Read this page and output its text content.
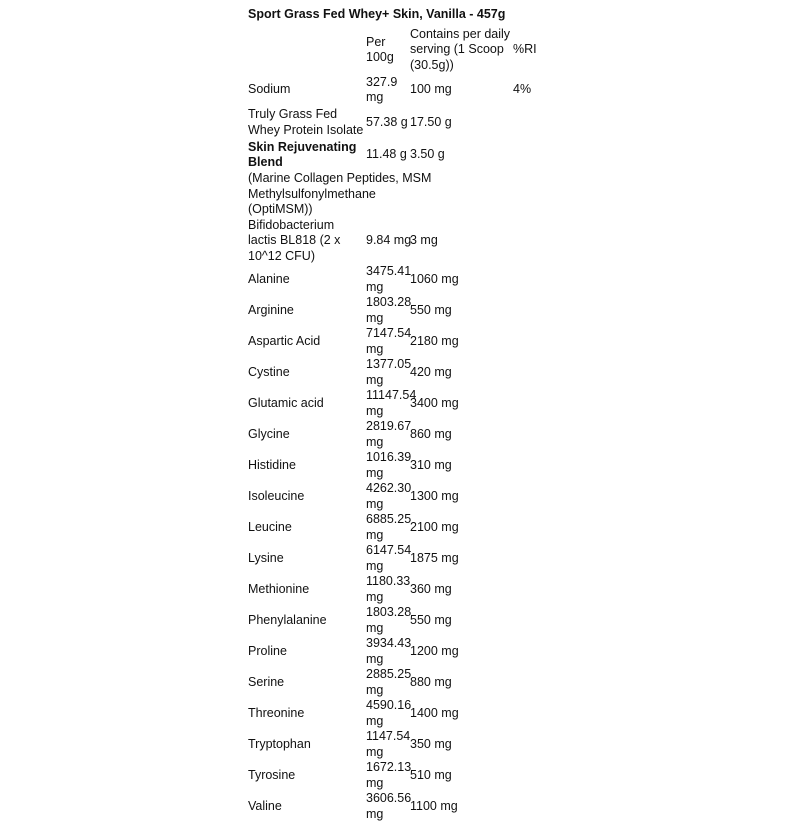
Sport Grass Fed Whey+ Skin, Vanilla - 457g
	Per 100g	Contains per daily serving (1 Scoop (30.5g))	%RI
Sodium	327.9 mg	100 mg	4%
Truly Grass Fed Whey Protein Isolate	57.38 g	17.50 g	
Skin Rejuvenating Blend	11.48 g	3.50 g	
(Marine Collagen Peptides, MSM Methylsulfonylmethane (OptiMSM))			
Bifidobacterium lactis BL818 (2 x 10^12 CFU)	9.84 mg	3 mg	
Alanine	3475.41 mg	1060 mg	
Arginine	1803.28 mg	550 mg	
Aspartic Acid	7147.54 mg	2180 mg	
Cystine	1377.05 mg	420 mg	
Glutamic acid	11147.54 mg	3400 mg	
Glycine	2819.67 mg	860 mg	
Histidine	1016.39 mg	310 mg	
Isoleucine	4262.30 mg	1300 mg	
Leucine	6885.25 mg	2100 mg	
Lysine	6147.54 mg	1875 mg	
Methionine	1180.33 mg	360 mg	
Phenylalanine	1803.28 mg	550 mg	
Proline	3934.43 mg	1200 mg	
Serine	2885.25 mg	880 mg	
Threonine	4590.16 mg	1400 mg	
Tryptophan	1147.54 mg	350 mg	
Tyrosine	1672.13 mg	510 mg	
Valine	3606.56 mg	1100 mg	
